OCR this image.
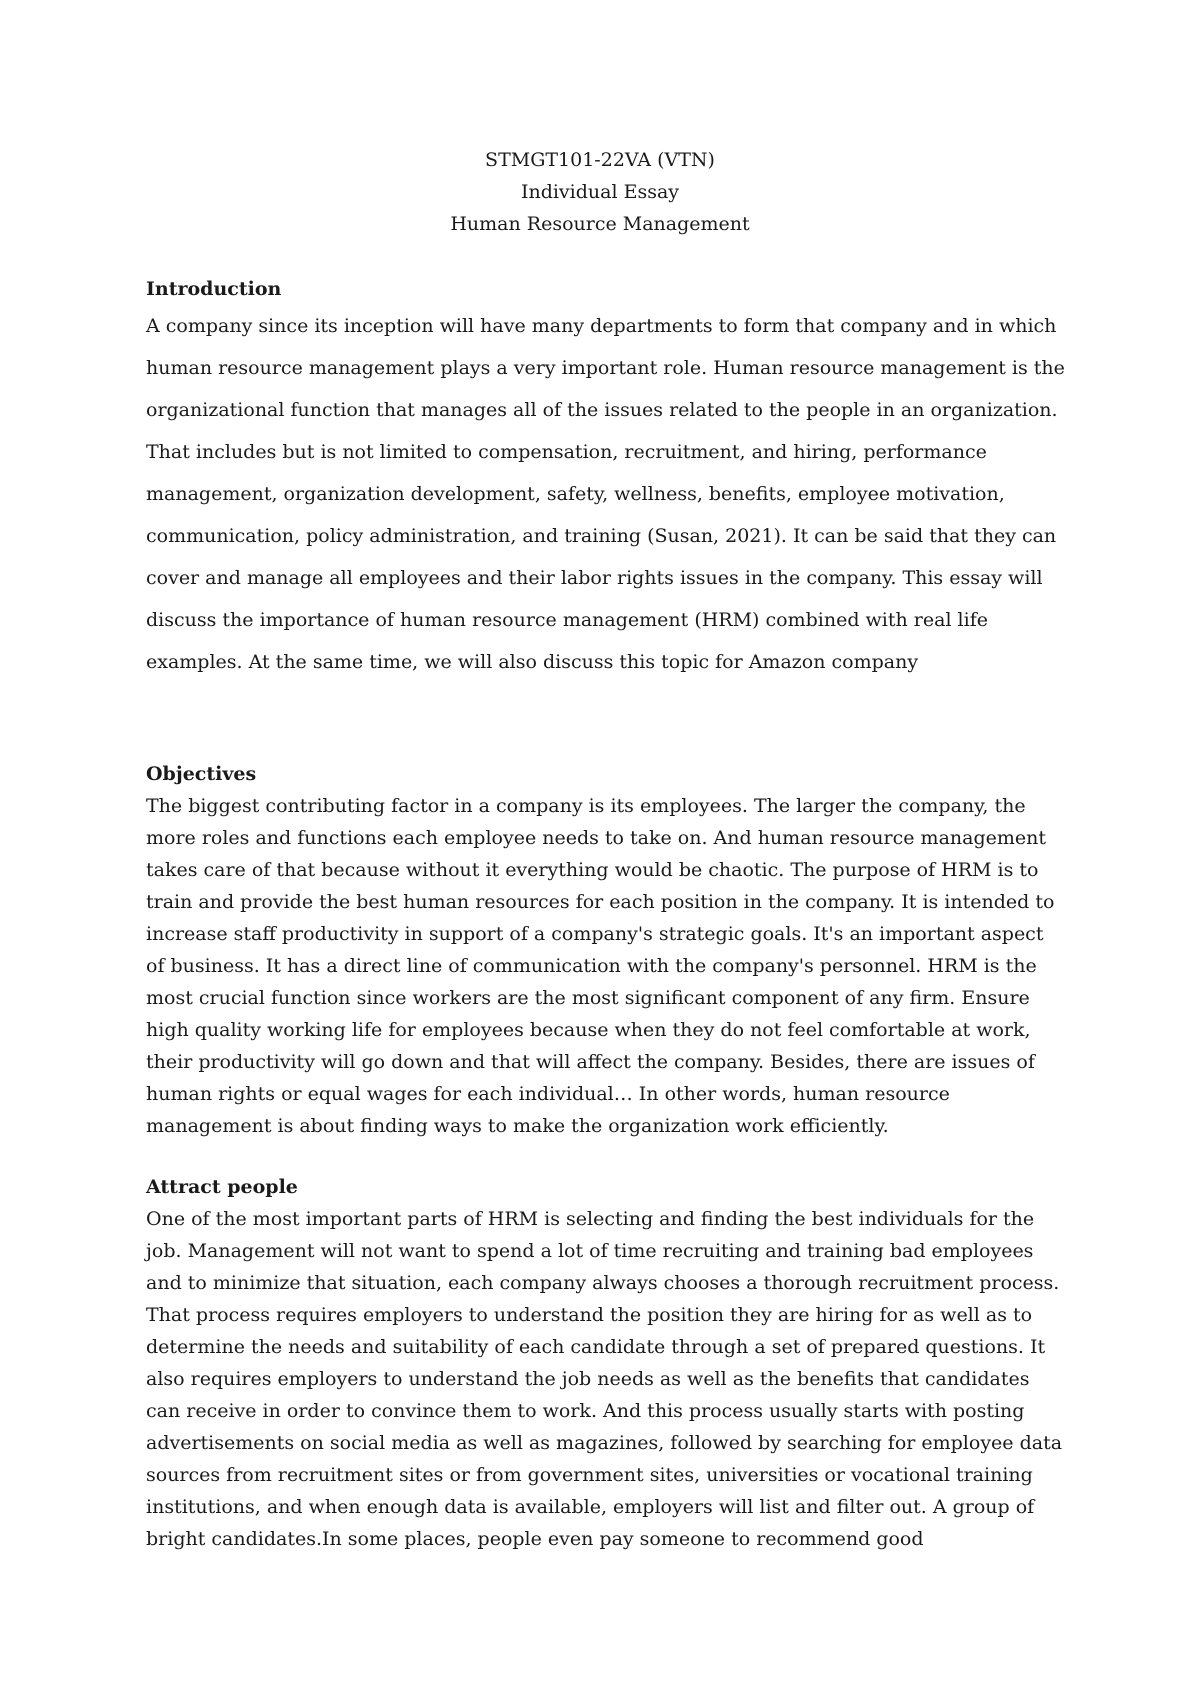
STMGT101-22VA (VTN)
Individual Essay
Human Resource Management

Introduction

A company since its inception will have many departments to form that company and in which human resource management plays a very important role. Human resource management is the organizational function that manages all of the issues related to the people in an organization. That includes but is not limited to compensation, recruitment, and hiring, performance management, organization development, safety, wellness, benefits, employee motivation, communication, policy administration, and training (Susan, 2021). It can be said that they can cover and manage all employees and their labor rights issues in the company. This essay will discuss the importance of human resource management (HRM) combined with real life examples. At the same time, we will also discuss this topic for Amazon company

Objectives

The biggest contributing factor in a company is its employees. The larger the company, the more roles and functions each employee needs to take on. And human resource management takes care of that because without it everything would be chaotic. The purpose of HRM is to train and provide the best human resources for each position in the company. It is intended to increase staff productivity in support of a company's strategic goals. It's an important aspect of business. It has a direct line of communication with the company's personnel. HRM is the most crucial function since workers are the most significant component of any firm. Ensure high quality working life for employees because when they do not feel comfortable at work, their productivity will go down and that will affect the company. Besides, there are issues of human rights or equal wages for each individual… In other words, human resource management is about finding ways to make the organization work efficiently.

Attract people

One of the most important parts of HRM is selecting and finding the best individuals for the job. Management will not want to spend a lot of time recruiting and training bad employees and to minimize that situation, each company always chooses a thorough recruitment process. That process requires employers to understand the position they are hiring for as well as to determine the needs and suitability of each candidate through a set of prepared questions. It also requires employers to understand the job needs as well as the benefits that candidates can receive in order to convince them to work. And this process usually starts with posting advertisements on social media as well as magazines, followed by searching for employee data sources from recruitment sites or from government sites, universities or vocational training institutions, and when enough data is available, employers will list and filter out. A group of bright candidates.In some places, people even pay someone to recommend good
